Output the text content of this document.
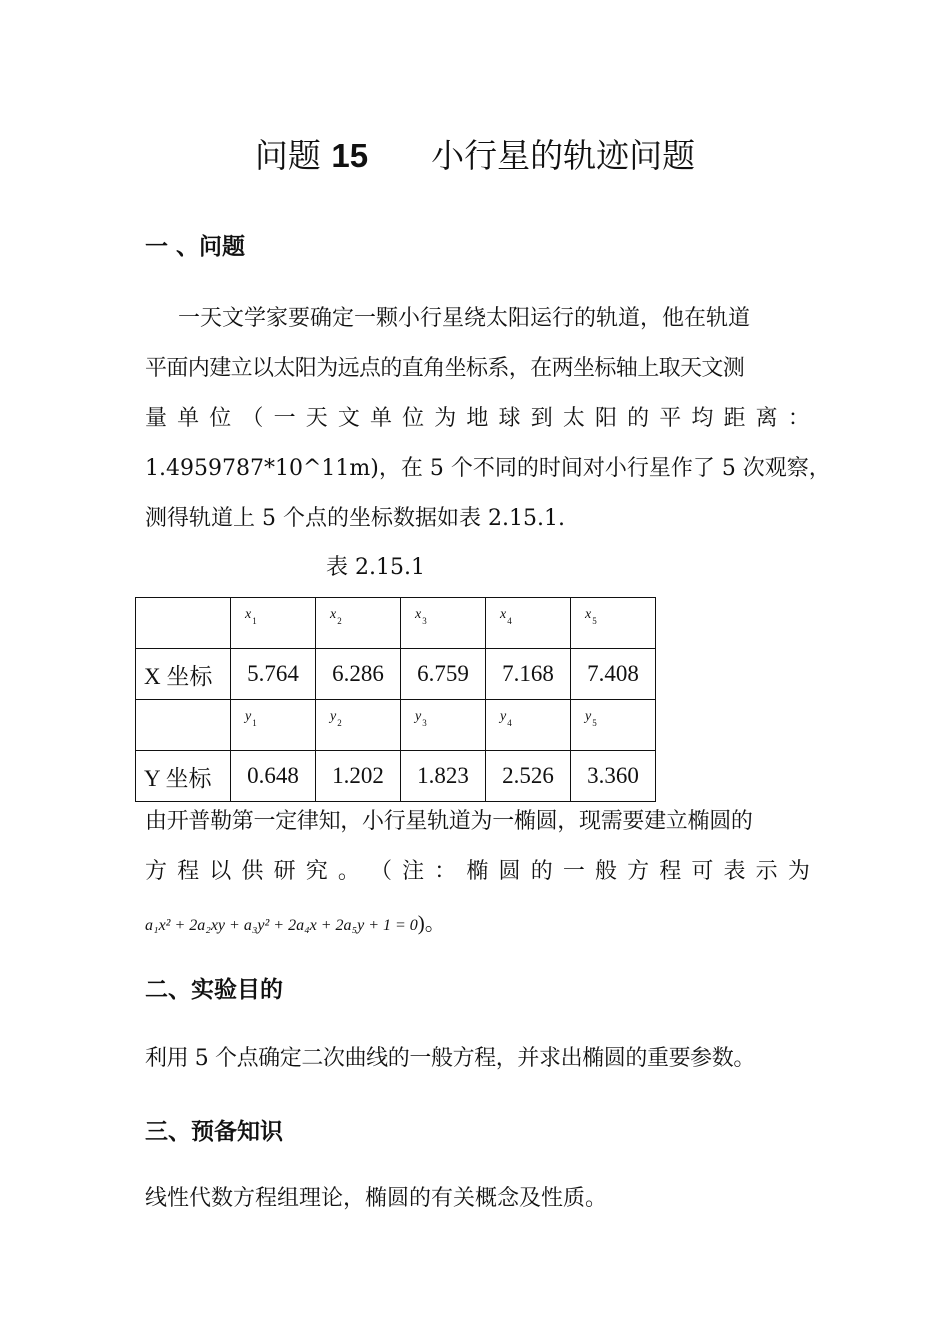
问题 15 小行星的轨迹问题
一 、问题
一天文学家要确定一颗小行星绕太阳运行的轨道，他在轨道
平面内建立以太阳为远点的直角坐标系，在两坐标轴上取天文测
量 单 位 （ 一 天 文 单 位 为 地 球 到 太 阳 的 平 均 距 离 ：
1.4959787*10^11m)，在 5 个不同的时间对小行星作了 5 次观察，
测得轨道上 5 个点的坐标数据如表 2.15.1.
表 2.15.1
	$x_1$	$x_2$	$x_3$	$x_4$	$x_5$
X 坐标	5.764	6.286	6.759	7.168	7.408
	$y_1$	$y_2$	$y_3$	$y_4$	$y_5$
Y 坐标	0.648	1.202	1.823	2.526	3.360
由开普勒第一定律知，小行星轨道为一椭圆，现需要建立椭圆的
方 程 以 供 研 究 。 （ 注 ： 椭 圆 的 一 般 方 程 可 表 示 为
a₁x² + 2a₂xy + a₃y² + 2a₄x + 2a₅y + 1 = 0)。
二、实验目的
利用 5 个点确定二次曲线的一般方程，并求出椭圆的重要参数。
三、预备知识
线性代数方程组理论，椭圆的有关概念及性质。
